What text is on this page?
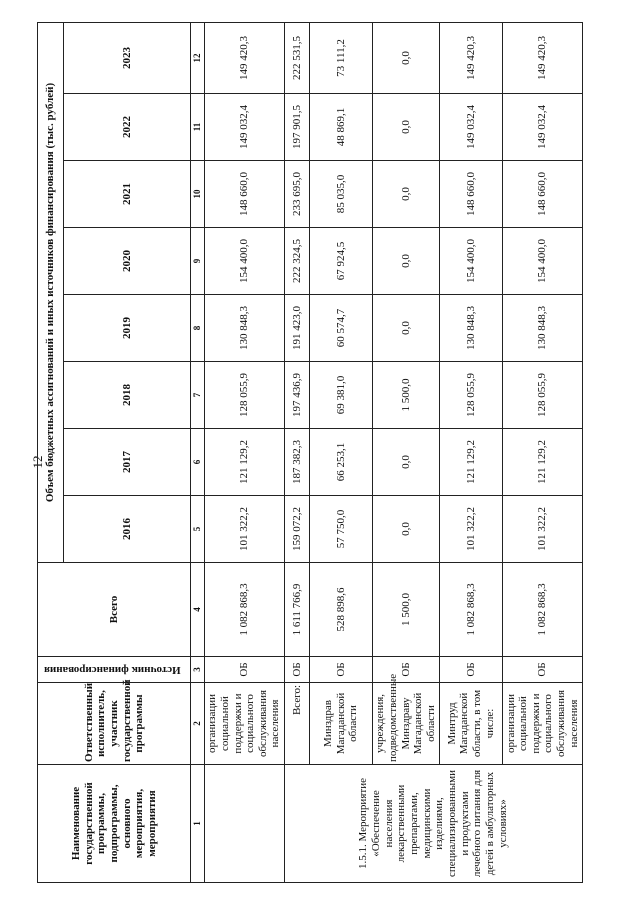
12
Наименование государственной программы, подпрограммы, основного мероприятия, мероприятия	Ответственный исполнитель, участник государственной программы	Источник финансирования	Всего	Объем бюджетных ассигнований и иных источников финансирования (тыс. рублей)							
				2016	2017	2018	2019	2020	2021	2022	2023
1	2	3	4	5	6	7	8	9	10	11	12
	организации социальной поддержки и социального обслуживания населения	ОБ	1 082 868,3	101 322,2	121 129,2	128 055,9	130 848,3	154 400,0	148 660,0	149 032,4	149 420,3
1.5.1. Мероприятие «Обеспечение населения лекарственными препаратами, медицинскими изделиями, специализированными и продуктами лечебного питания для детей в амбулаторных условиях»	Всего:	ОБ	1 611 766,9	159 072,2	187 382,3	197 436,9	191 423,0	222 324,5	233 695,0	197 901,5	222 531,5
	Минздрав Магаданской области	ОБ	528 898,6	57 750,0	66 253,1	69 381,0	60 574,7	67 924,5	85 035,0	48 869,1	73 111,2
	учреждения, подведомственные Минздраву Магаданской области	ОБ	1 500,0	0,0	0,0	1 500,0	0,0	0,0	0,0	0,0	0,0
	Минтруд Магаданской области, в том числе:	ОБ	1 082 868,3	101 322,2	121 129,2	128 055,9	130 848,3	154 400,0	148 660,0	149 032,4	149 420,3
	организации социальной поддержки и социального обслуживания населения	ОБ	1 082 868,3	101 322,2	121 129,2	128 055,9	130 848,3	154 400,0	148 660,0	149 032,4	149 420,3
